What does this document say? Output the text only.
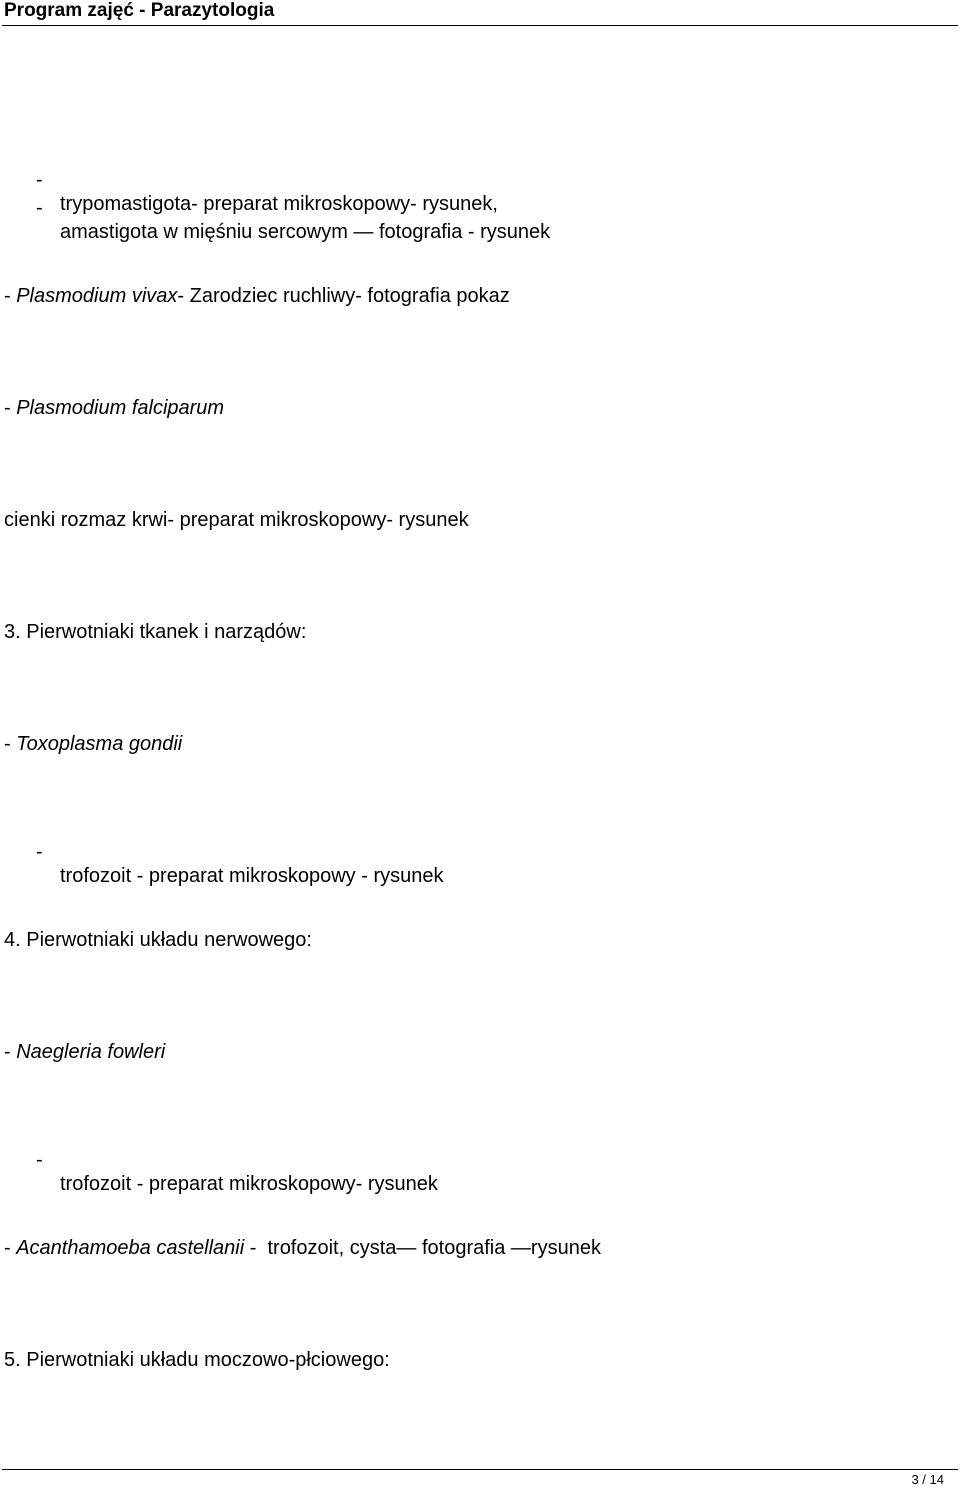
Program zajęć - Parazytologia

-

trypomastigota- preparat mikroskopowy- rysunek,

-

amastigota w mięśniu sercowym — fotografia - rysunek

- Plasmodium vivax- Zarodziec ruchliwy- fotografia pokaz
- Plasmodium falciparum
cienki rozmaz krwi- preparat mikroskopowy- rysunek
3. Pierwotniaki tkanek i narządów:
- Toxoplasma gondii

-

trofozoit - preparat mikroskopowy - rysunek

4. Pierwotniaki układu nerwowego:
- Naegleria fowleri

-

trofozoit - preparat mikroskopowy- rysunek

- Acanthamoeba castellanii -  trofozoit, cysta— fotografia —rysunek
5. Pierwotniaki układu moczowo-płciowego:
3 / 14
